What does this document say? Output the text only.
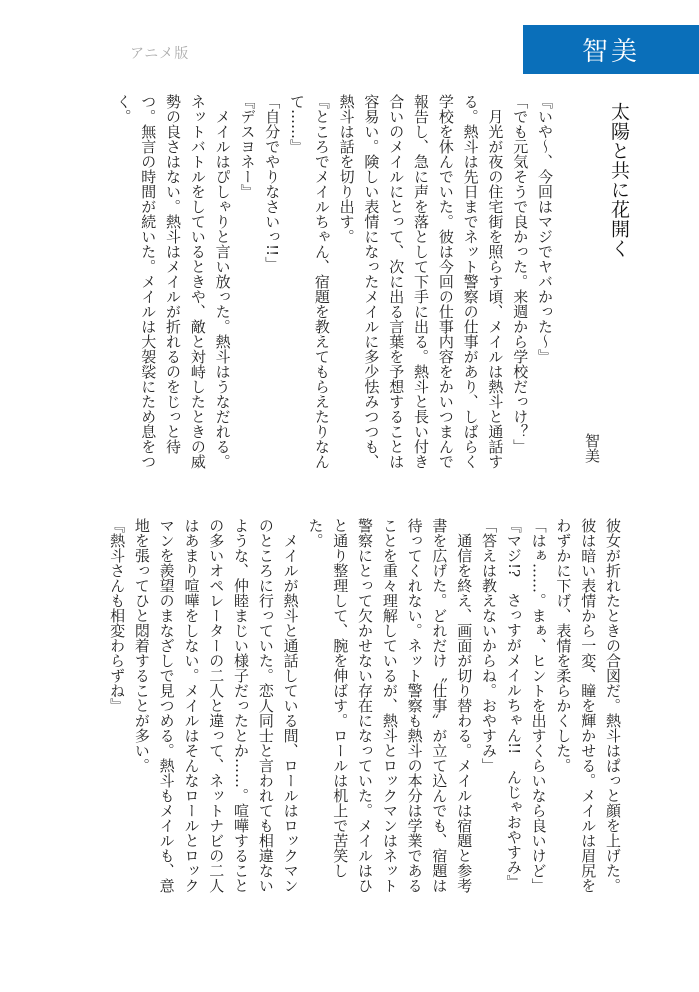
アニメ版	智美
太陽と共に花開く
智美

『いや〜、今回はマジでヤバかった〜』

「でも元気そうで良かった。来週から学校だっけ？」

　月光が夜の住宅街を照らす頃、メイルは熱斗と通話する。熱斗は先日までネット警察の仕事があり、しばらく学校を休んでいた。彼は今回の仕事内容をかいつまんで報告し、急に声を落として下手に出る。熱斗と長い付き合いのメイルにとって、次に出る言葉を予想することは容易い。険しい表情になったメイルに多少怯みつつも、熱斗は話を切り出す。

『ところでメイルちゃん、宿題を教えてもらえたりなんて……』

「自分でやりなさいっ!!」

『デスヨネー』

　メイルはぴしゃりと言い放った。熱斗はうなだれる。ネットバトルをしているときや、敵と対峙したときの威勢の良さはない。熱斗はメイルが折れるのをじっと待つ。無言の時間が続いた。メイルは大袈裟にため息をつく。

彼女が折れたときの合図だ。熱斗はぱっと顔を上げた。彼は暗い表情から一変、瞳を輝かせる。メイルは眉尻をわずかに下げ、表情を柔らかくした。

「はぁ……。まぁ、ヒントを出すくらいなら良いけど」

『マジ!?　さっすがメイルちゃん!!　んじゃおやすみ』

「答えは教えないからね。おやすみ」

　通信を終え、画面が切り替わる。メイルは宿題と参考書を広げた。どれだけ〝仕事〟が立て込んでも、宿題は待ってくれない。ネット警察も熱斗の本分は学業であることを重々理解しているが、熱斗とロックマンはネット警察にとって欠かせない存在になっていた。メイルはひと通り整理して、腕を伸ばす。ロールは机上で苦笑した。

　メイルが熱斗と通話している間、ロールはロックマンのところに行っていた。恋人同士と言われても相違ないような、仲睦まじい様子だったとか……。喧嘩することの多いオペレーターの二人と違って、ネットナビの二人はあまり喧嘩をしない。メイルはそんなロールとロックマンを羨望のまなざしで見つめる。熱斗もメイルも、意地を張ってひと悶着することが多い。

『熱斗さんも相変わらずね』
